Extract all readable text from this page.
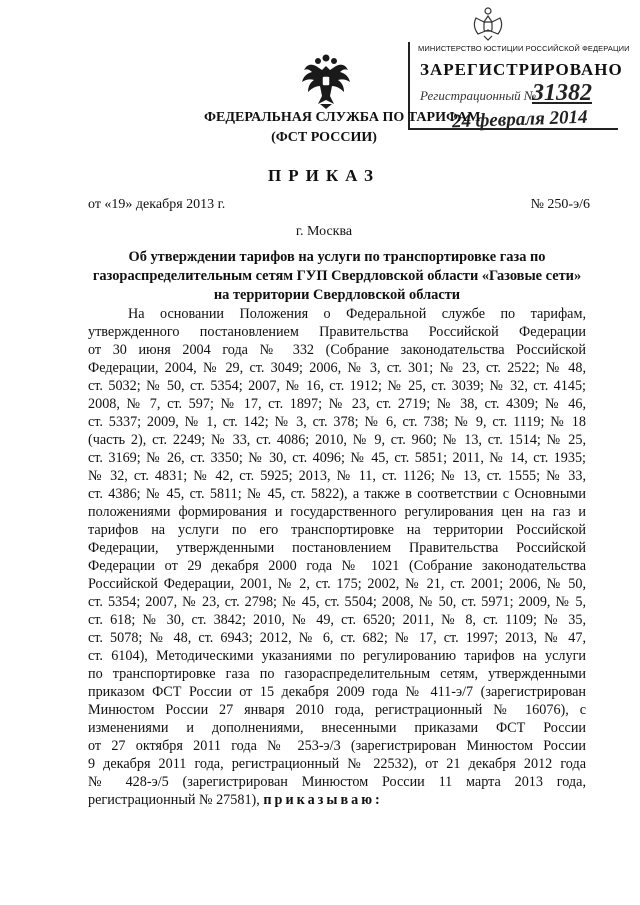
МИНИСТЕРСТВО ЮСТИЦИИ РОССИЙСКОЙ ФЕДЕРАЦИИ
ЗАРЕГИСТРИРОВАНО
Регистрационный №
31382
24 февраля 2014
ФЕДЕРАЛЬНАЯ СЛУЖБА ПО ТАРИФАМ
(ФСТ РОССИИ)
ПРИКАЗ
от «19» декабря 2013 г.	№ 250-э/6
г. Москва
Об утверждении тарифов на услуги по транспортировке газа по газораспределительным сетям ГУП Свердловской области «Газовые сети» на территории Свердловской области
На основании Положения о Федеральной службе по тарифам,
утвержденного постановлением Правительства Российской Федерации
от 30 июня 2004 года № 332 (Собрание законодательства Российской
Федерации, 2004, № 29, ст. 3049; 2006, № 3, ст. 301; № 23, ст. 2522; № 48,
ст. 5032; № 50, ст. 5354; 2007, № 16, ст. 1912; № 25, ст. 3039; № 32, ст. 4145;
2008, № 7, ст. 597; № 17, ст. 1897; № 23, ст. 2719; № 38, ст. 4309; № 46,
ст. 5337; 2009, № 1, ст. 142; № 3, ст. 378; № 6, ст. 738; № 9, ст. 1119; № 18
(часть 2), ст. 2249; № 33, ст. 4086; 2010, № 9, ст. 960; № 13, ст. 1514; № 25,
ст. 3169; № 26, ст. 3350; № 30, ст. 4096; № 45, ст. 5851; 2011, № 14, ст. 1935;
№ 32, ст. 4831; № 42, ст. 5925; 2013, № 11, ст. 1126; № 13, ст. 1555; № 33,
ст. 4386; № 45, ст. 5811; № 45, ст. 5822), а также в соответствии с Основными
положениями формирования и государственного регулирования цен на газ и
тарифов на услуги по его транспортировке на территории Российской
Федерации, утвержденными постановлением Правительства Российской
Федерации от 29 декабря 2000 года № 1021 (Собрание законодательства
Российской Федерации, 2001, № 2, ст. 175; 2002, № 21, ст. 2001; 2006, № 50,
ст. 5354; 2007, № 23, ст. 2798; № 45, ст. 5504; 2008, № 50, ст. 5971; 2009, № 5,
ст. 618; № 30, ст. 3842; 2010, № 49, ст. 6520; 2011, № 8, ст. 1109; № 35,
ст. 5078; № 48, ст. 6943; 2012, № 6, ст. 682; № 17, ст. 1997; 2013, № 47,
ст. 6104), Методическими указаниями по регулированию тарифов на услуги
по транспортировке газа по газораспределительным сетям, утвержденными
приказом ФСТ России от 15 декабря 2009 года № 411-э/7 (зарегистрирован
Минюстом России 27 января 2010 года, регистрационный № 16076), с
изменениями и дополнениями, внесенными приказами ФСТ России
от 27 октября 2011 года № 253-э/3 (зарегистрирован Минюстом России
9 декабря 2011 года, регистрационный № 22532), от 21 декабря 2012 года
№ 428-э/5 (зарегистрирован Минюстом России 11 марта 2013 года,
регистрационный № 27581), приказываю:
